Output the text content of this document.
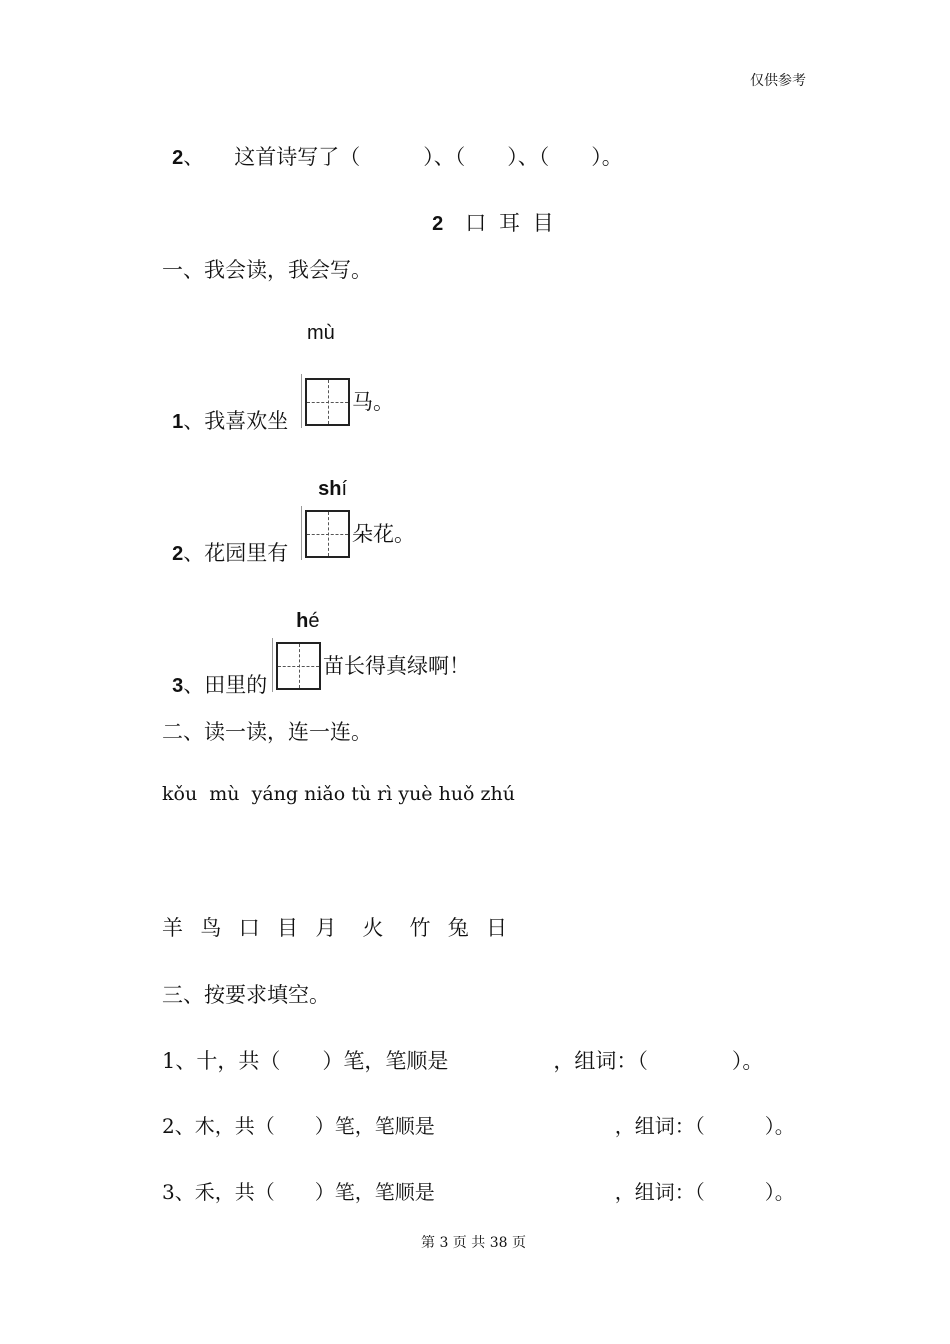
仅供参考

2、 这首诗写了（　　　）、（　　）、（　　）。

2 口 耳 目

一、我会读，我会写。
mù

1、我喜欢坐

马。

shí

2、花园里有

朵花。

hé

3、田里的

苗长得真绿啊！
二、读一读，连一连。
kǒu  mù  yáng niǎo tù rì yuè huǒ zhú
羊  鸟  口  目  月   火   竹  兔  日
三、按要求填空。
1、十，共（　　）笔，笔顺是　　　　　，组词：（　　　　）。
2、木，共（　　）笔，笔顺是　　　　　　　　　，组词：（　　　）。
3、禾，共（　　）笔，笔顺是　　　　　　　　　，组词：（　　　）。
第 3 页 共 38 页
